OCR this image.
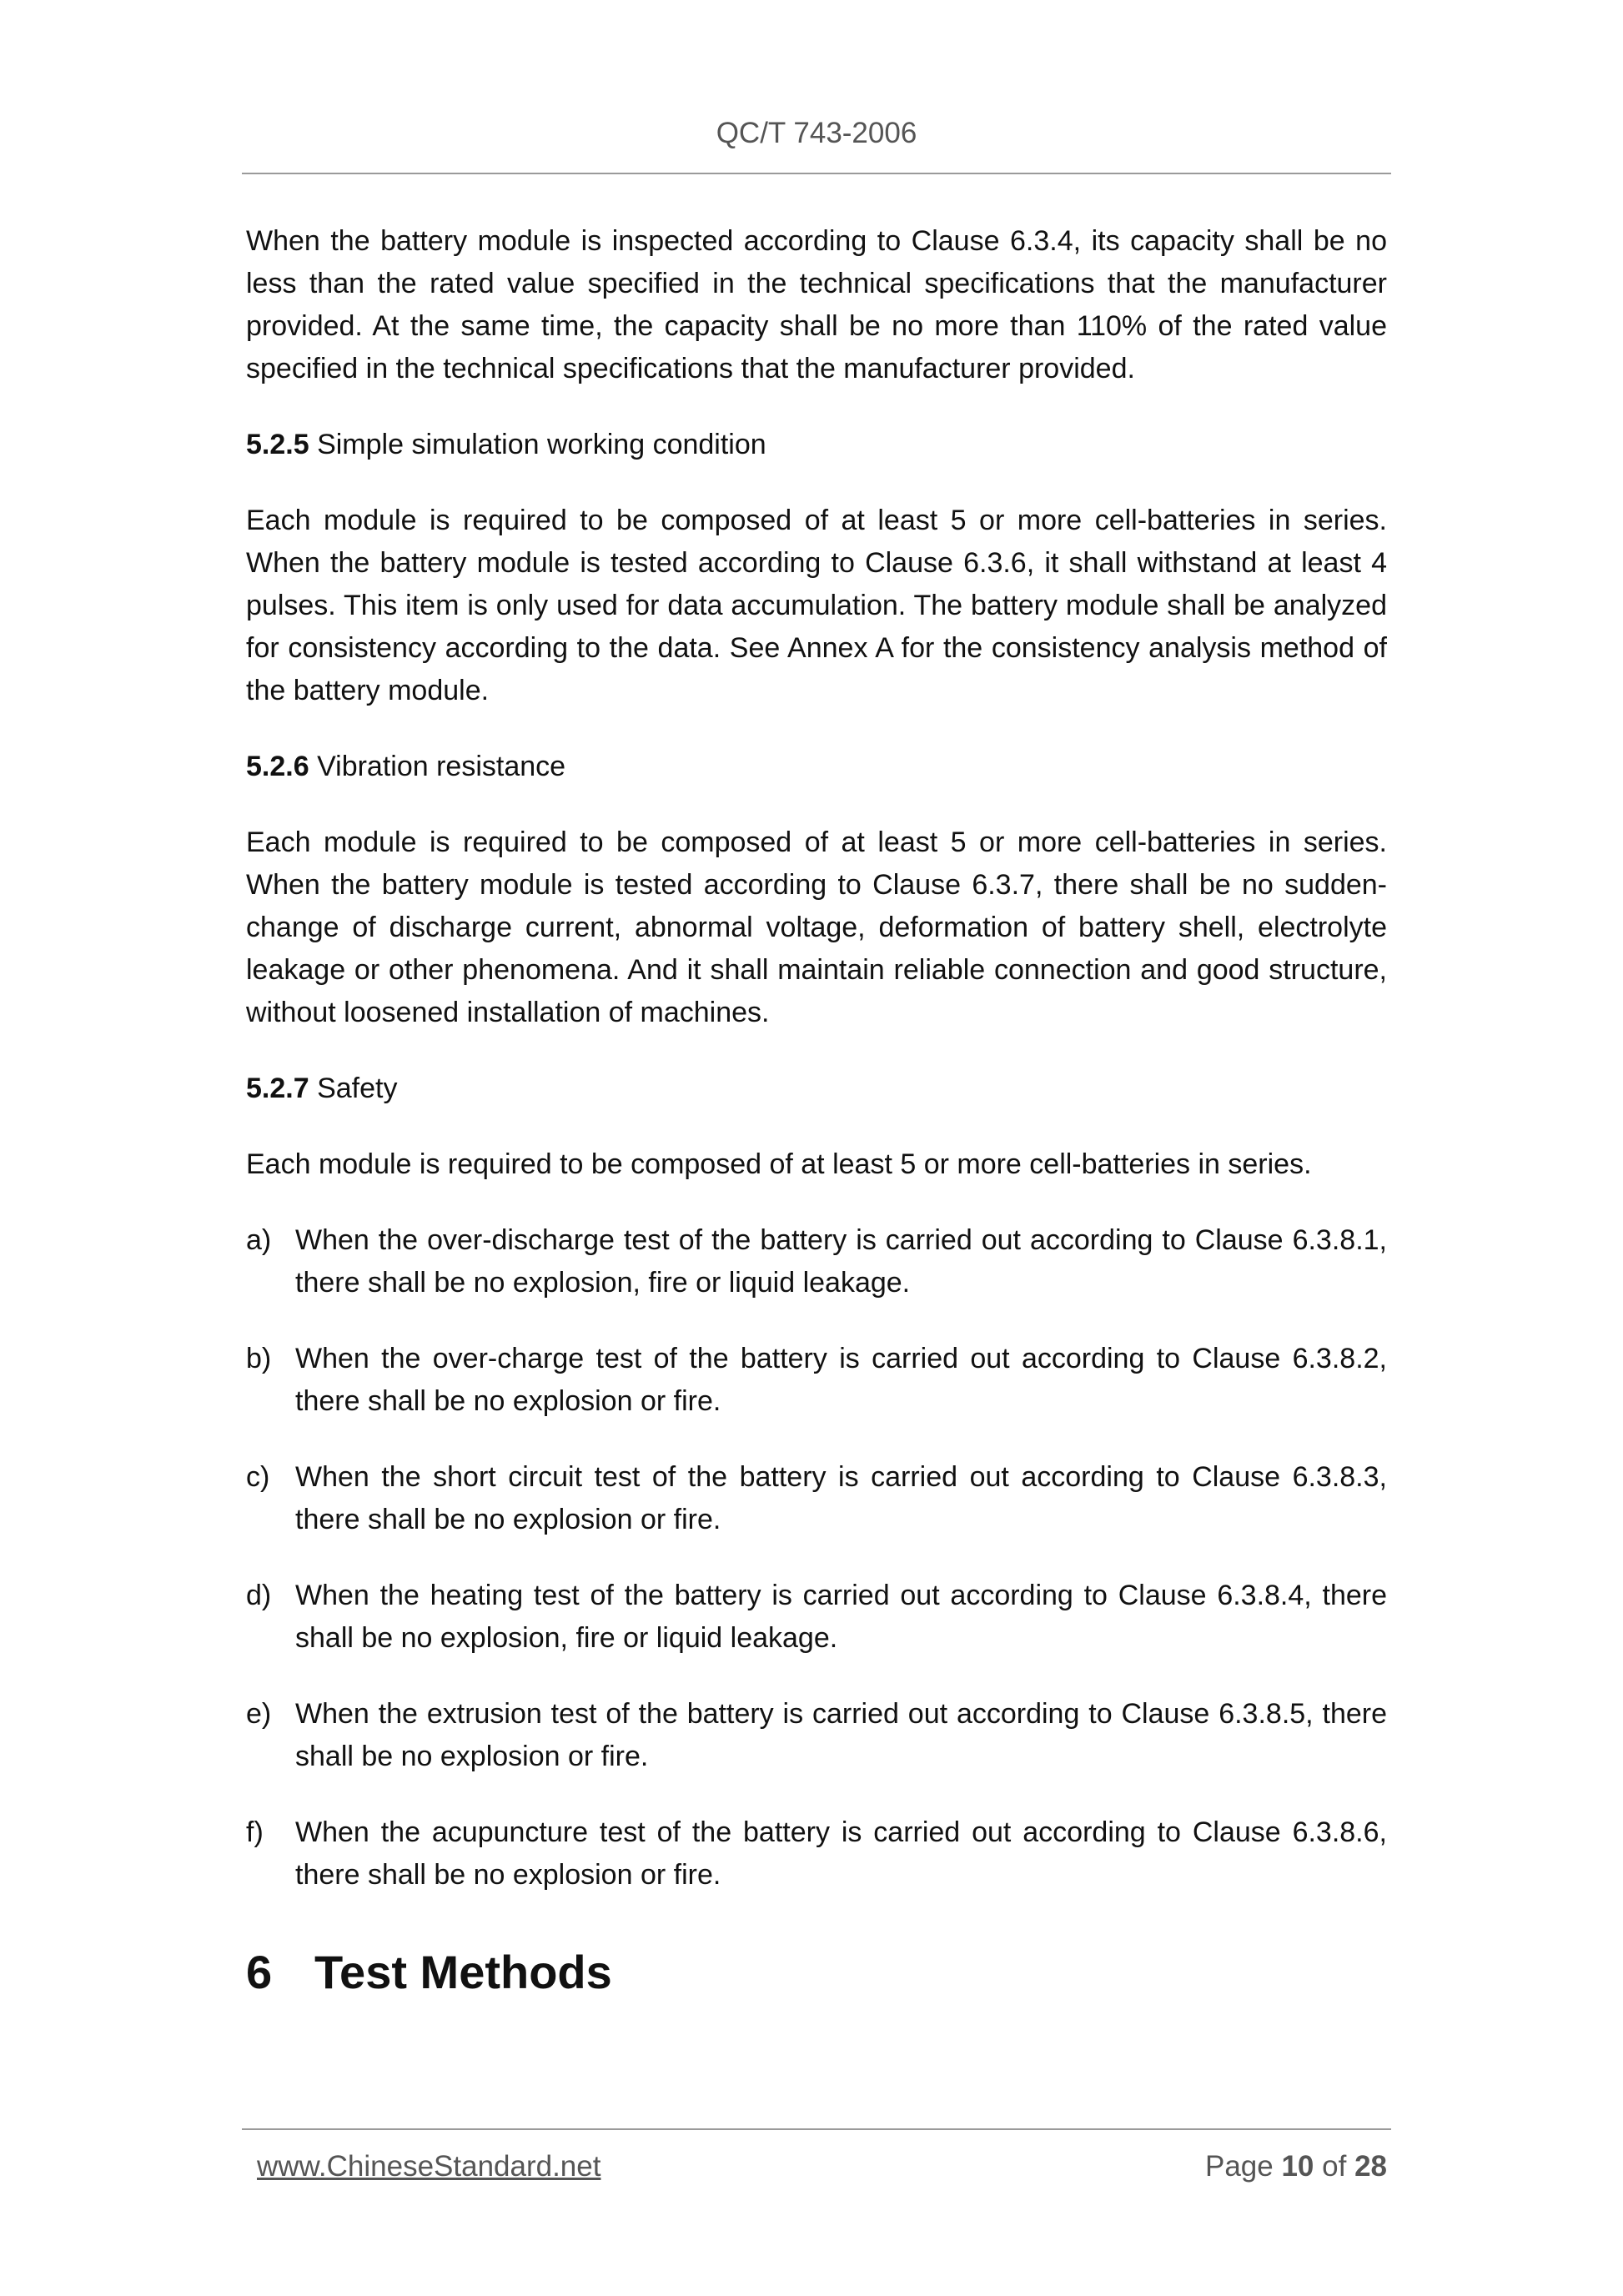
QC/T 743-2006

When the battery module is inspected according to Clause 6.3.4, its capacity shall be no less than the rated value specified in the technical specifications that the manufacturer provided. At the same time, the capacity shall be no more than 110% of the rated value specified in the technical specifications that the manufacturer provided.

5.2.5 Simple simulation working condition

Each module is required to be composed of at least 5 or more cell-batteries in series. When the battery module is tested according to Clause 6.3.6, it shall withstand at least 4 pulses. This item is only used for data accumulation. The battery module shall be analyzed for consistency according to the data. See Annex A for the consistency analysis method of the battery module.

5.2.6 Vibration resistance

Each module is required to be composed of at least 5 or more cell-batteries in series. When the battery module is tested according to Clause 6.3.7, there shall be no sudden-change of discharge current, abnormal voltage, deformation of battery shell, electrolyte leakage or other phenomena. And it shall maintain reliable connection and good structure, without loosened installation of machines.

5.2.7 Safety

Each module is required to be composed of at least 5 or more cell-batteries in series.

a) When the over-discharge test of the battery is carried out according to Clause 6.3.8.1, there shall be no explosion, fire or liquid leakage.
b) When the over-charge test of the battery is carried out according to Clause 6.3.8.2, there shall be no explosion or fire.
c) When the short circuit test of the battery is carried out according to Clause 6.3.8.3, there shall be no explosion or fire.
d) When the heating test of the battery is carried out according to Clause 6.3.8.4, there shall be no explosion, fire or liquid leakage.
e) When the extrusion test of the battery is carried out according to Clause 6.3.8.5, there shall be no explosion or fire.
f)	When the acupuncture test of the battery is carried out according to Clause 6.3.8.6, there shall be no explosion or fire.
6 Test Methods
www.ChineseStandard.net	Page 10 of 28
